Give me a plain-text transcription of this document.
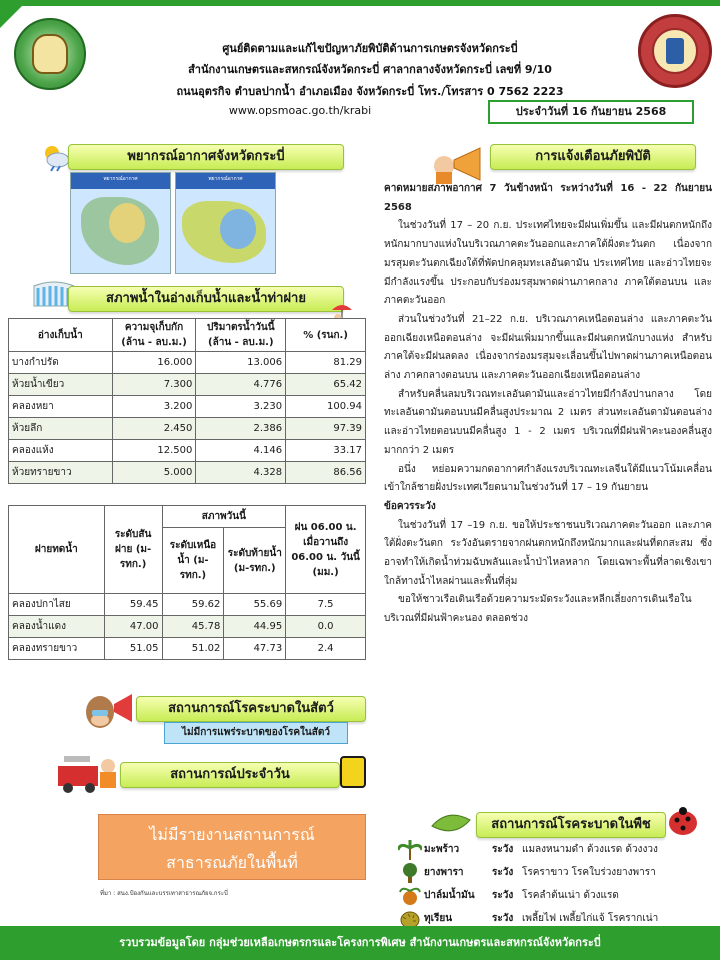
ศูนย์ติดตามและแก้ไขปัญหาภัยพิบัติด้านการเกษตรจังหวัดกระบี่
สำนักงานเกษตรและสหกรณ์จังหวัดกระบี่ ศาลากลางจังหวัดกระบี่ เลขที่ 9/10
ถนนอุตรกิจ ตำบลปากน้ำ อำเภอเมือง จังหวัดกระบี่ โทร./โทรสาร 0 7562 2223
www.opsmoac.go.th/krabi	ประจำวันที่ 16 กันยายน 2568
พยากรณ์อากาศจังหวัดกระบี่
พยากรณ์อากาศ	พยากรณ์อากาศ
สภาพน้ำในอ่างเก็บน้ำและน้ำท่าฝาย
อ่างเก็บน้ำ	ความจุเก็บกัก (ล้าน - ลบ.ม.)	ปริมาตรน้ำวันนี้ (ล้าน - ลบ.ม.)	% (รนก.)
บางกำปรัด	16.000	13.006	81.29
ห้วยน้ำเขียว	7.300	4.776	65.42
คลองหยา	3.200	3.230	100.94
ห้วยลึก	2.450	2.386	97.39
คลองแห้ง	12.500	4.146	33.17
ห้วยทรายขาว	5.000	4.328	86.56
ฝายทดน้ำ	ระดับสันฝาย (ม-รทก.)	สภาพวันนี้		ฝน 06.00 น. เมื่อวานถึง 06.00 น. วันนี้ (มม.)
		ระดับเหนือน้ำ (ม-รทก.)	ระดับท้ายน้ำ (ม-รทก.)	
คลองปกาไสย	59.45	59.62	55.69	7.5
คลองน้ำแดง	47.00	45.78	44.95	0.0
คลองทรายขาว	51.05	51.02	47.73	2.4
สถานการณ์โรคระบาดในสัตว์
ไม่มีการแพร่ระบาดของโรคในสัตว์
สถานการณ์ประจำวัน
ไม่มีรายงานสถานการณ์
สาธารณภัยในพื้นที่
ที่มา : สนง.ป้องกันและบรรเทาสาธารณภัยจ.กระบี่
การแจ้งเตือนภัยพิบัติ

คาดหมายสภาพอากาศ 7 วันข้างหน้า ระหว่างวันที่ 16 - 22 กันยายน 2568

ในช่วงวันที่ 17 – 20 ก.ย. ประเทศไทยจะมีฝนเพิ่มขึ้น และมีฝนตกหนักถึงหนักมากบางแห่งในบริเวณภาคตะวันออกและภาคใต้ฝั่งตะวันตก เนื่องจากมรสุมตะวันตกเฉียงใต้ที่พัดปกคลุมทะเลอันดามัน ประเทศไทย และอ่าวไทยจะมีกำลังแรงขึ้น ประกอบกับร่องมรสุมพาดผ่านภาคกลาง ภาคใต้ตอนบน และภาคตะวันออก

ส่วนในช่วงวันที่ 21–22 ก.ย. บริเวณภาคเหนือตอนล่าง และภาคตะวันออกเฉียงเหนือตอนล่าง จะมีฝนเพิ่มมากขึ้นและมีฝนตกหนักบางแห่ง สำหรับภาคใต้จะมีฝนลดลง เนื่องจากร่องมรสุมจะเลื่อนขึ้นไปพาดผ่านภาคเหนือตอนล่าง ภาคกลางตอนบน และภาคตะวันออกเฉียงเหนือตอนล่าง

สำหรับคลื่นลมบริเวณทะเลอันดามันและอ่าวไทยมีกำลังปานกลาง โดยทะเลอันดามันตอนบนมีคลื่นสูงประมาณ 2 เมตร ส่วนทะเลอันดามันตอนล่างและอ่าวไทยตอนบนมีคลื่นสูง 1 - 2 เมตร บริเวณที่มีฝนฟ้าคะนองคลื่นสูงมากกว่า 2 เมตร

อนึ่ง หย่อมความกดอากาศกำลังแรงบริเวณทะเลจีนใต้มีแนวโน้มเคลื่อนเข้าใกล้ชายฝั่งประเทศเวียดนามในช่วงวันที่ 17 – 19 กันยายน

ข้อควรระวัง

ในช่วงวันที่ 17 –19 ก.ย. ขอให้ประชาชนบริเวณภาคตะวันออก และภาคใต้ฝั่งตะวันตก ระวังอันตรายจากฝนตกหนักถึงหนักมากและฝนที่ตกสะสม ซึ่งอาจทำให้เกิดน้ำท่วมฉับพลันและน้ำป่าไหลหลาก โดยเฉพาะพื้นที่ลาดเชิงเขาใกล้ทางน้ำไหลผ่านและพื้นที่ลุ่ม

ขอให้ชาวเรือเดินเรือด้วยความระมัดระวังและหลีกเลี่ยงการเดินเรือในบริเวณที่มีฝนฟ้าคะนอง ตลอดช่วง

สถานการณ์โรคระบาดในพืช
มะพร้าว	ระวัง แมลงหนามดำ ด้วงแรด ด้วงงวง
ยางพารา	ระวัง โรคราขาว โรคใบร่วงยางพารา
ปาล์มน้ำมัน	ระวัง โรคลำต้นเน่า ด้วงแรด
ทุเรียน	ระวัง เพลี้ยไฟ เพลี้ยไก่แจ้ โรครากเน่า
รวบรวมข้อมูลโดย กลุ่มช่วยเหลือเกษตรกรและโครงการพิเศษ สำนักงานเกษตรและสหกรณ์จังหวัดกระบี่
